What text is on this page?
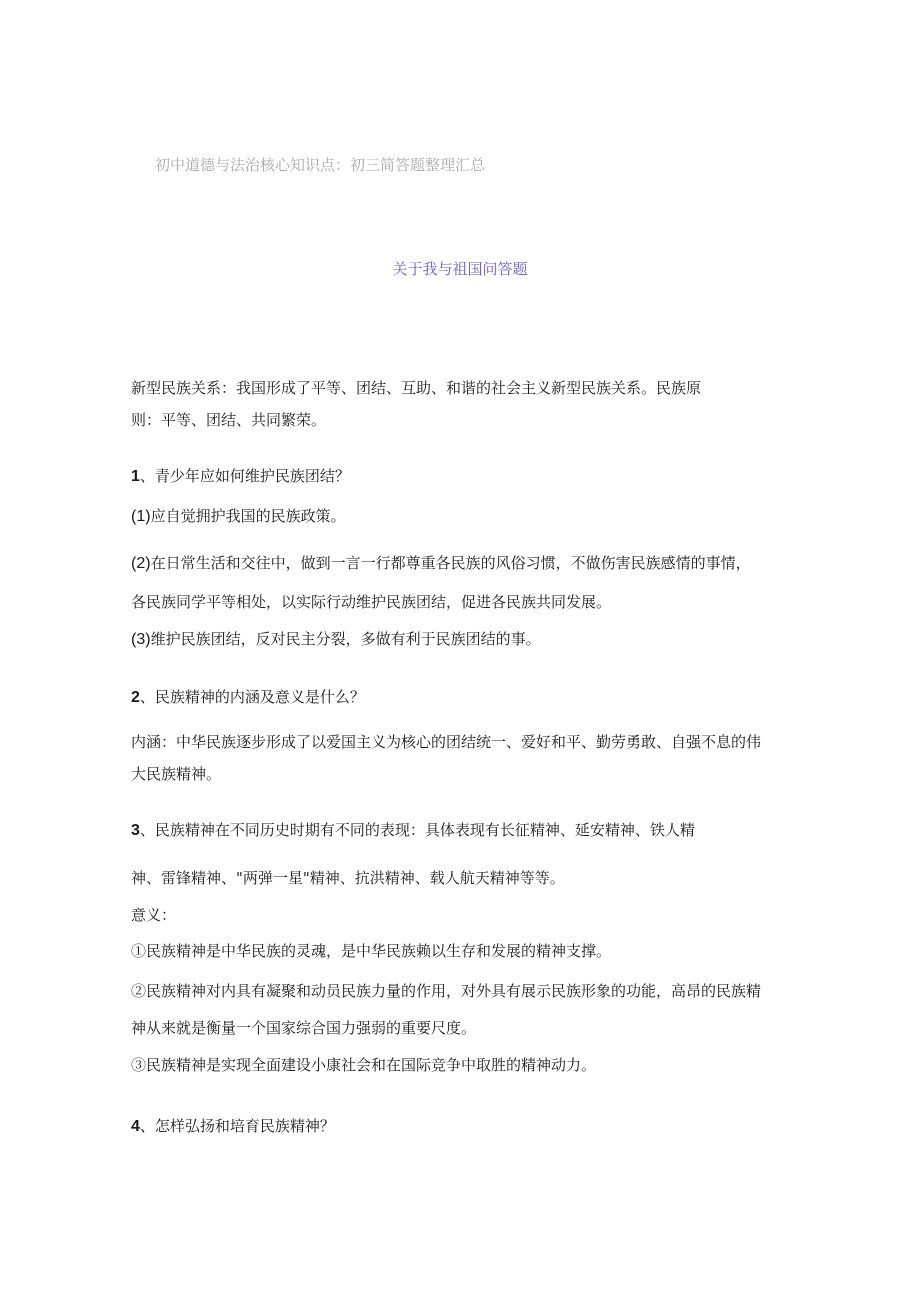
初中道德与法治核心知识点：初三简答题整理汇总
关于我与祖国问答题
新型民族关系：我国形成了平等、团结、互助、和谐的社会主义新型民族关系。民族原
则：平等、团结、共同繁荣。
1、青少年应如何维护民族团结？
(1)应自觉拥护我国的民族政策。
(2)在日常生活和交往中，做到一言一行都尊重各民族的风俗习惯，不做伤害民族感情的事情，
各民族同学平等相处，以实际行动维护民族团结，促进各民族共同发展。
(3)维护民族团结，反对民主分裂，多做有利于民族团结的事。
2、民族精神的内涵及意义是什么？
内涵：中华民族逐步形成了以爱国主义为核心的团结统一、爱好和平、勤劳勇敢、自强不息的伟
大民族精神。
3、民族精神在不同历史时期有不同的表现：具体表现有长征精神、延安精神、铁人精
神、雷锋精神、"两弹一星"精神、抗洪精神、载人航天精神等等。
意义：
①民族精神是中华民族的灵魂，是中华民族赖以生存和发展的精神支撑。
②民族精神对内具有凝聚和动员民族力量的作用，对外具有展示民族形象的功能，高昂的民族精
神从来就是衡量一个国家综合国力强弱的重要尺度。
③民族精神是实现全面建设小康社会和在国际竞争中取胜的精神动力。
4、怎样弘扬和培育民族精神？
